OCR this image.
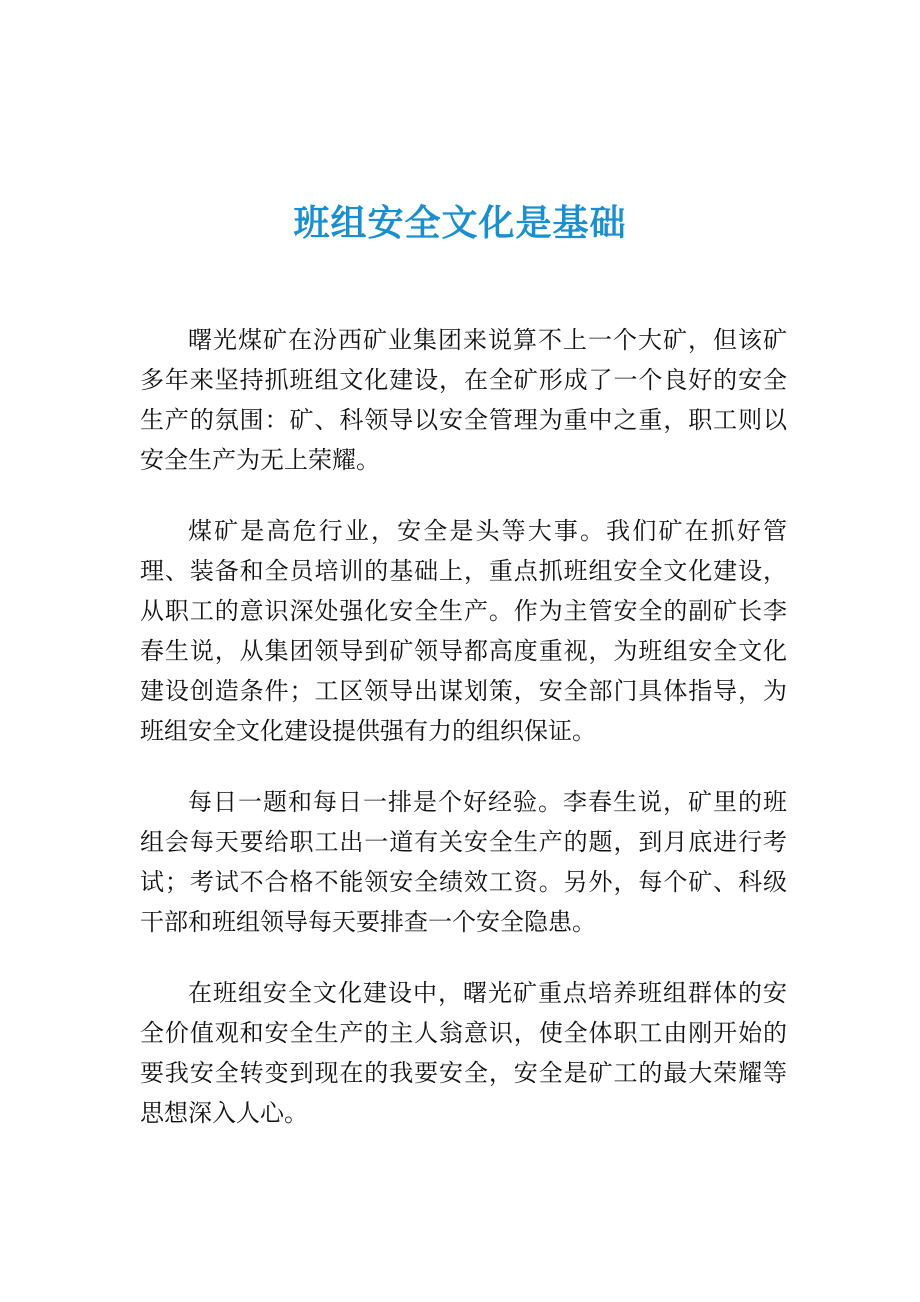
班组安全文化是基础

曙光煤矿在汾西矿业集团来说算不上一个大矿，但该矿多年来坚持抓班组文化建设，在全矿形成了一个良好的安全生产的氛围：矿、科领导以安全管理为重中之重，职工则以安全生产为无上荣耀。

煤矿是高危行业，安全是头等大事。我们矿在抓好管理、装备和全员培训的基础上，重点抓班组安全文化建设，从职工的意识深处强化安全生产。作为主管安全的副矿长李春生说，从集团领导到矿领导都高度重视，为班组安全文化建设创造条件；工区领导出谋划策，安全部门具体指导，为班组安全文化建设提供强有力的组织保证。

每日一题和每日一排是个好经验。李春生说，矿里的班组会每天要给职工出一道有关安全生产的题，到月底进行考试；考试不合格不能领安全绩效工资。另外，每个矿、科级干部和班组领导每天要排查一个安全隐患。

在班组安全文化建设中，曙光矿重点培养班组群体的安全价值观和安全生产的主人翁意识，使全体职工由刚开始的要我安全转变到现在的我要安全，安全是矿工的最大荣耀等思想深入人心。
